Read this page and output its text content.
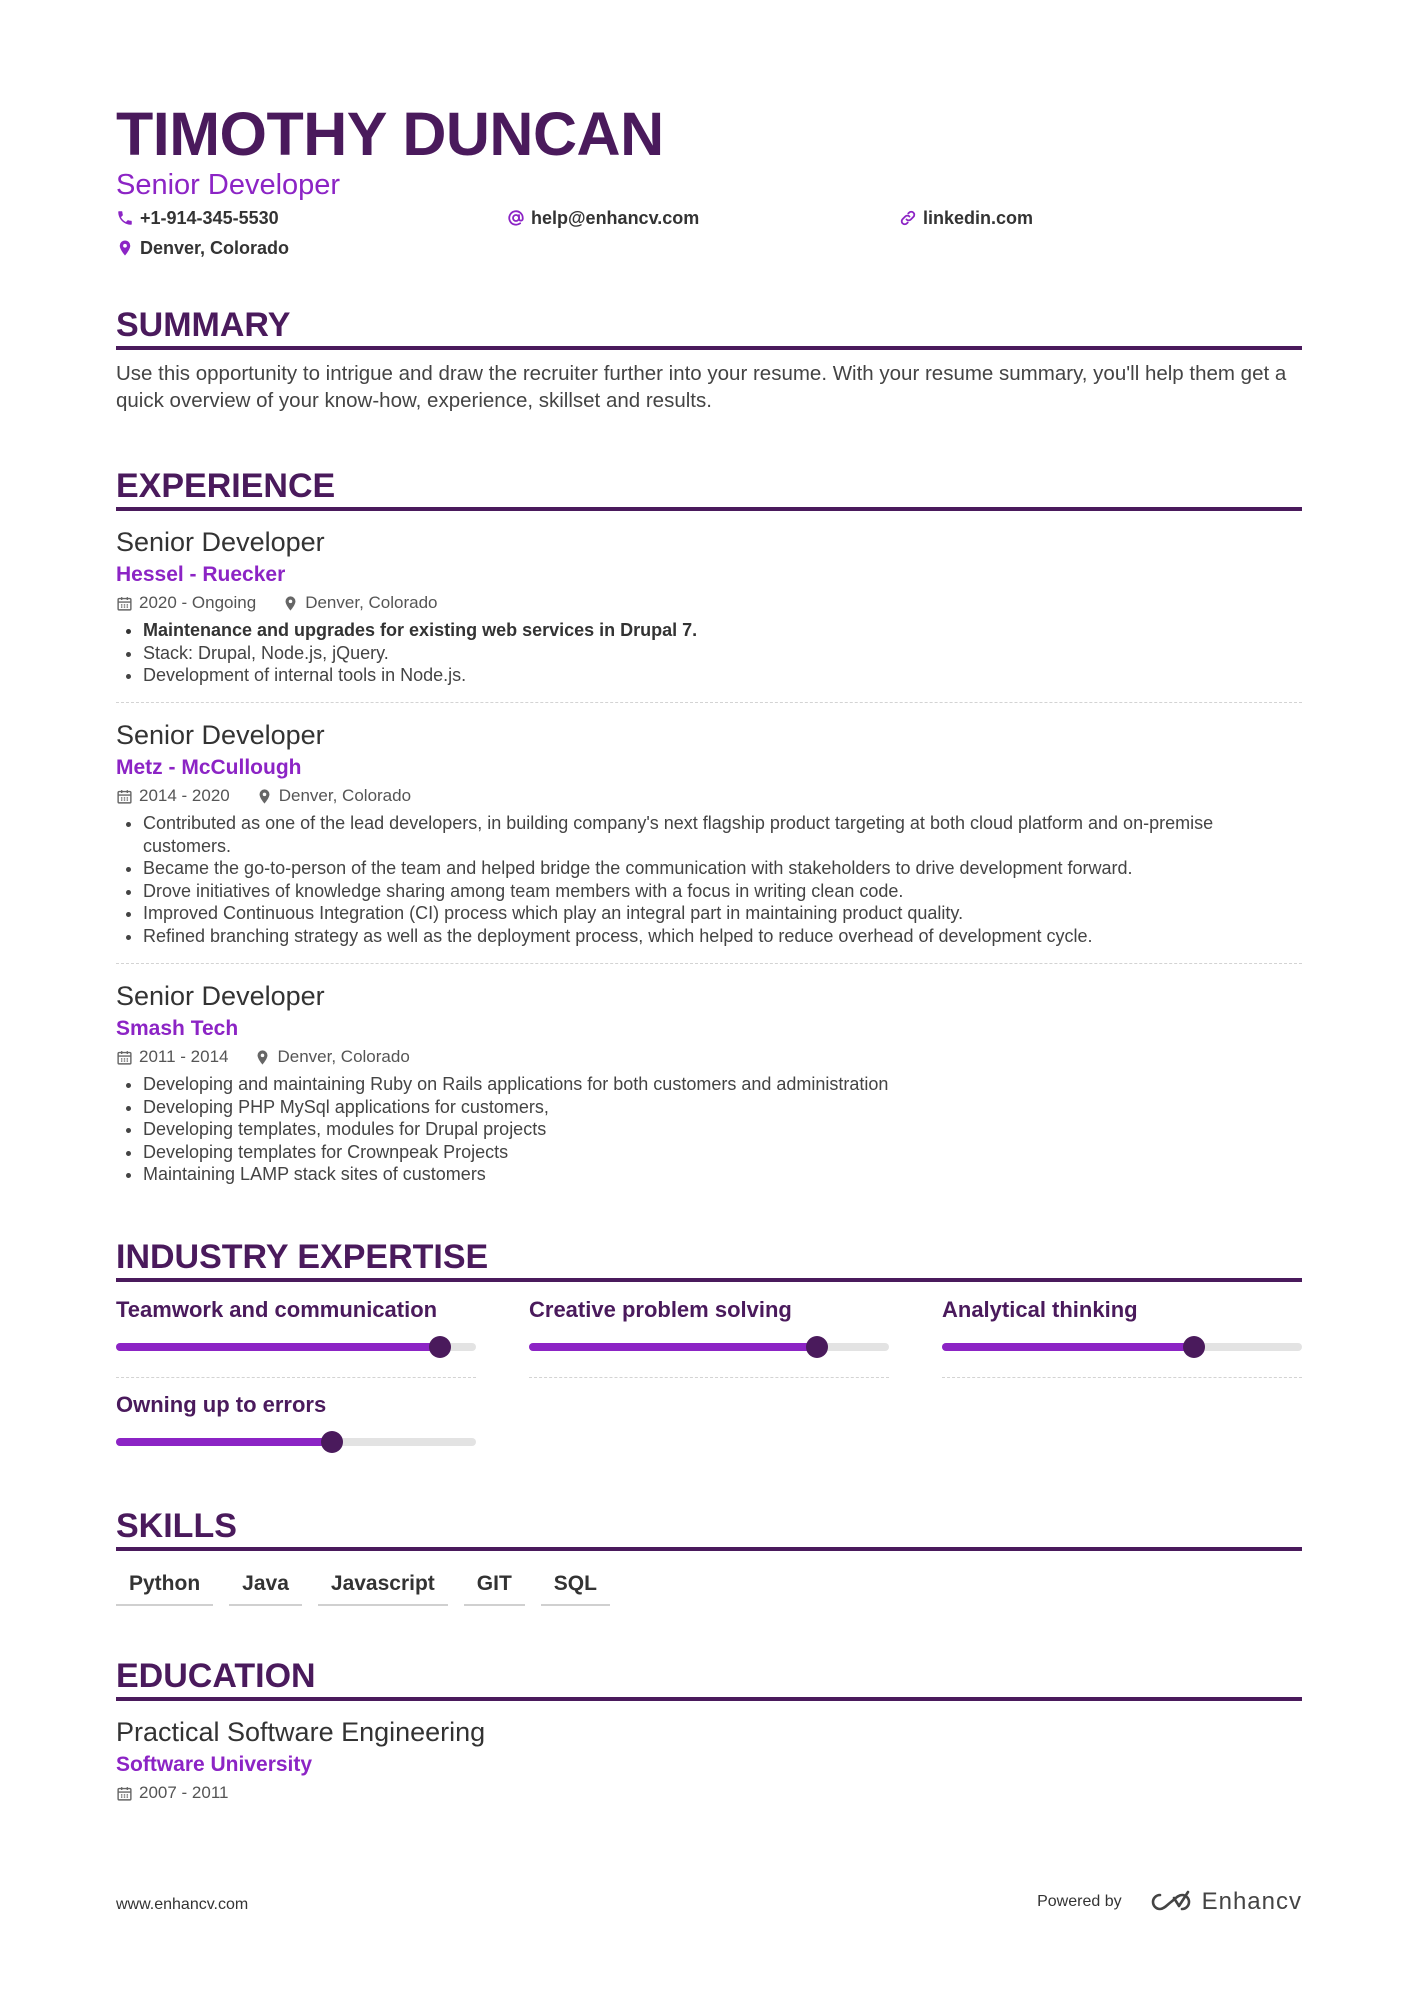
TIMOTHY DUNCAN
Senior Developer
+1-914-345-5530	help@enhancv.com	linkedin.com
Denver, Colorado
SUMMARY
Use this opportunity to intrigue and draw the recruiter further into your resume. With your resume summary, you'll help them get a quick overview of your know-how, experience, skillset and results.
EXPERIENCE
Senior Developer
Hessel - Ruecker
2020 - Ongoing	Denver, Colorado
• Maintenance and upgrades for existing web services in Drupal 7.
• Stack: Drupal, Node.js, jQuery.
• Development of internal tools in Node.js.
Senior Developer
Metz - McCullough
2014 - 2020	Denver, Colorado
• Contributed as one of the lead developers, in building company's next flagship product targeting at both cloud platform and on-premise customers.
• Became the go-to-person of the team and helped bridge the communication with stakeholders to drive development forward.
• Drove initiatives of knowledge sharing among team members with a focus in writing clean code.
• Improved Continuous Integration (CI) process which play an integral part in maintaining product quality.
• Refined branching strategy as well as the deployment process, which helped to reduce overhead of development cycle.
Senior Developer
Smash Tech
2011 - 2014	Denver, Colorado
• Developing and maintaining Ruby on Rails applications for both customers and administration
• Developing PHP MySql applications for customers,
• Developing templates, modules for Drupal projects
• Developing templates for Crownpeak Projects
• Maintaining LAMP stack sites of customers
INDUSTRY EXPERTISE
Teamwork and communication	Creative problem solving	Analytical thinking
Owning up to errors
SKILLS
Python	Java	Javascript	GIT	SQL
EDUCATION
Practical Software Engineering
Software University
2007 - 2011
www.enhancv.com	Powered by	Enhancv
